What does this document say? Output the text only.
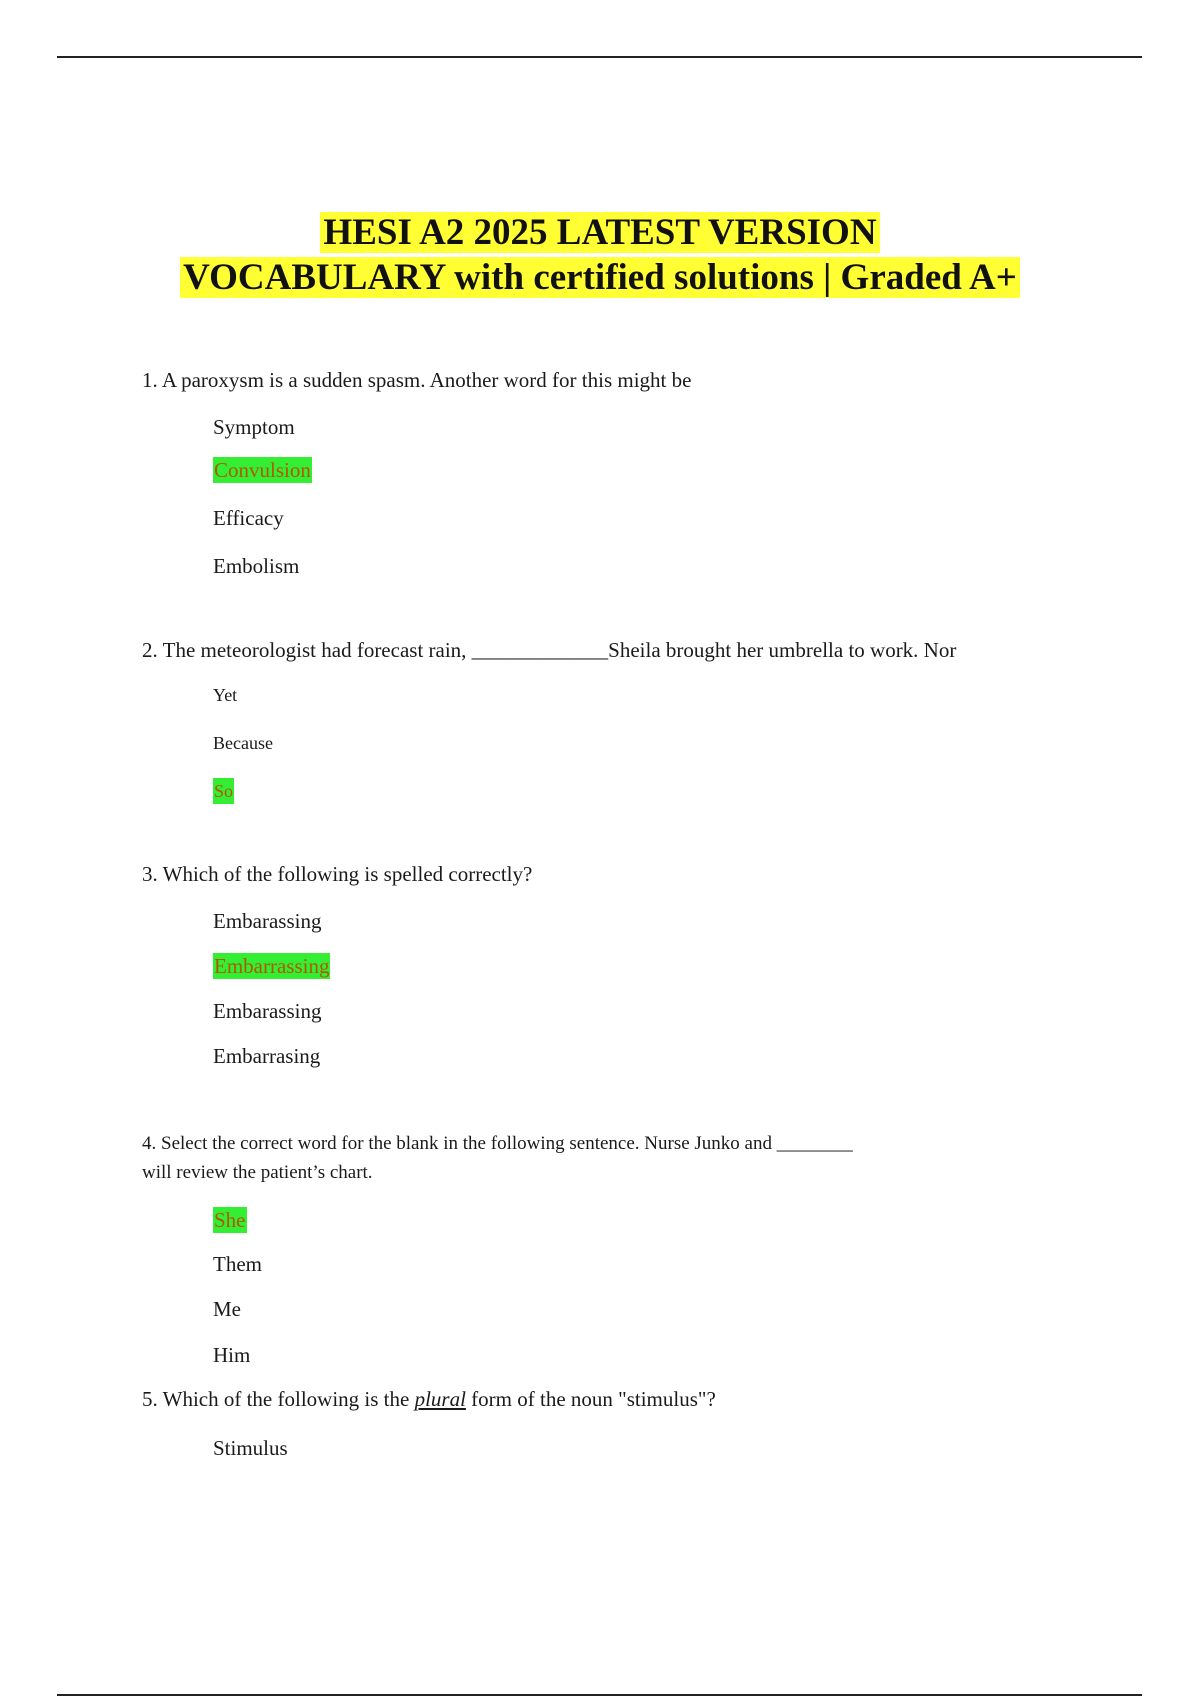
HESI A2 2025 LATEST VERSION
VOCABULARY with certified solutions | Graded A+
1. A paroxysm is a sudden spasm. Another word for this might be
Symptom
Convulsion
Efficacy
Embolism
2. The meteorologist had forecast rain, _____________Sheila brought her umbrella to work. Nor
Yet
Because
So
3. Which of the following is spelled correctly?
Embarassing
Embarrassing
Embarassing
Embarrasing
4. Select the correct word for the blank in the following sentence. Nurse Junko and ________
will review the patient’s chart.
She
Them
Me
Him
5. Which of the following is the plural form of the noun "stimulus"?
Stimulus
